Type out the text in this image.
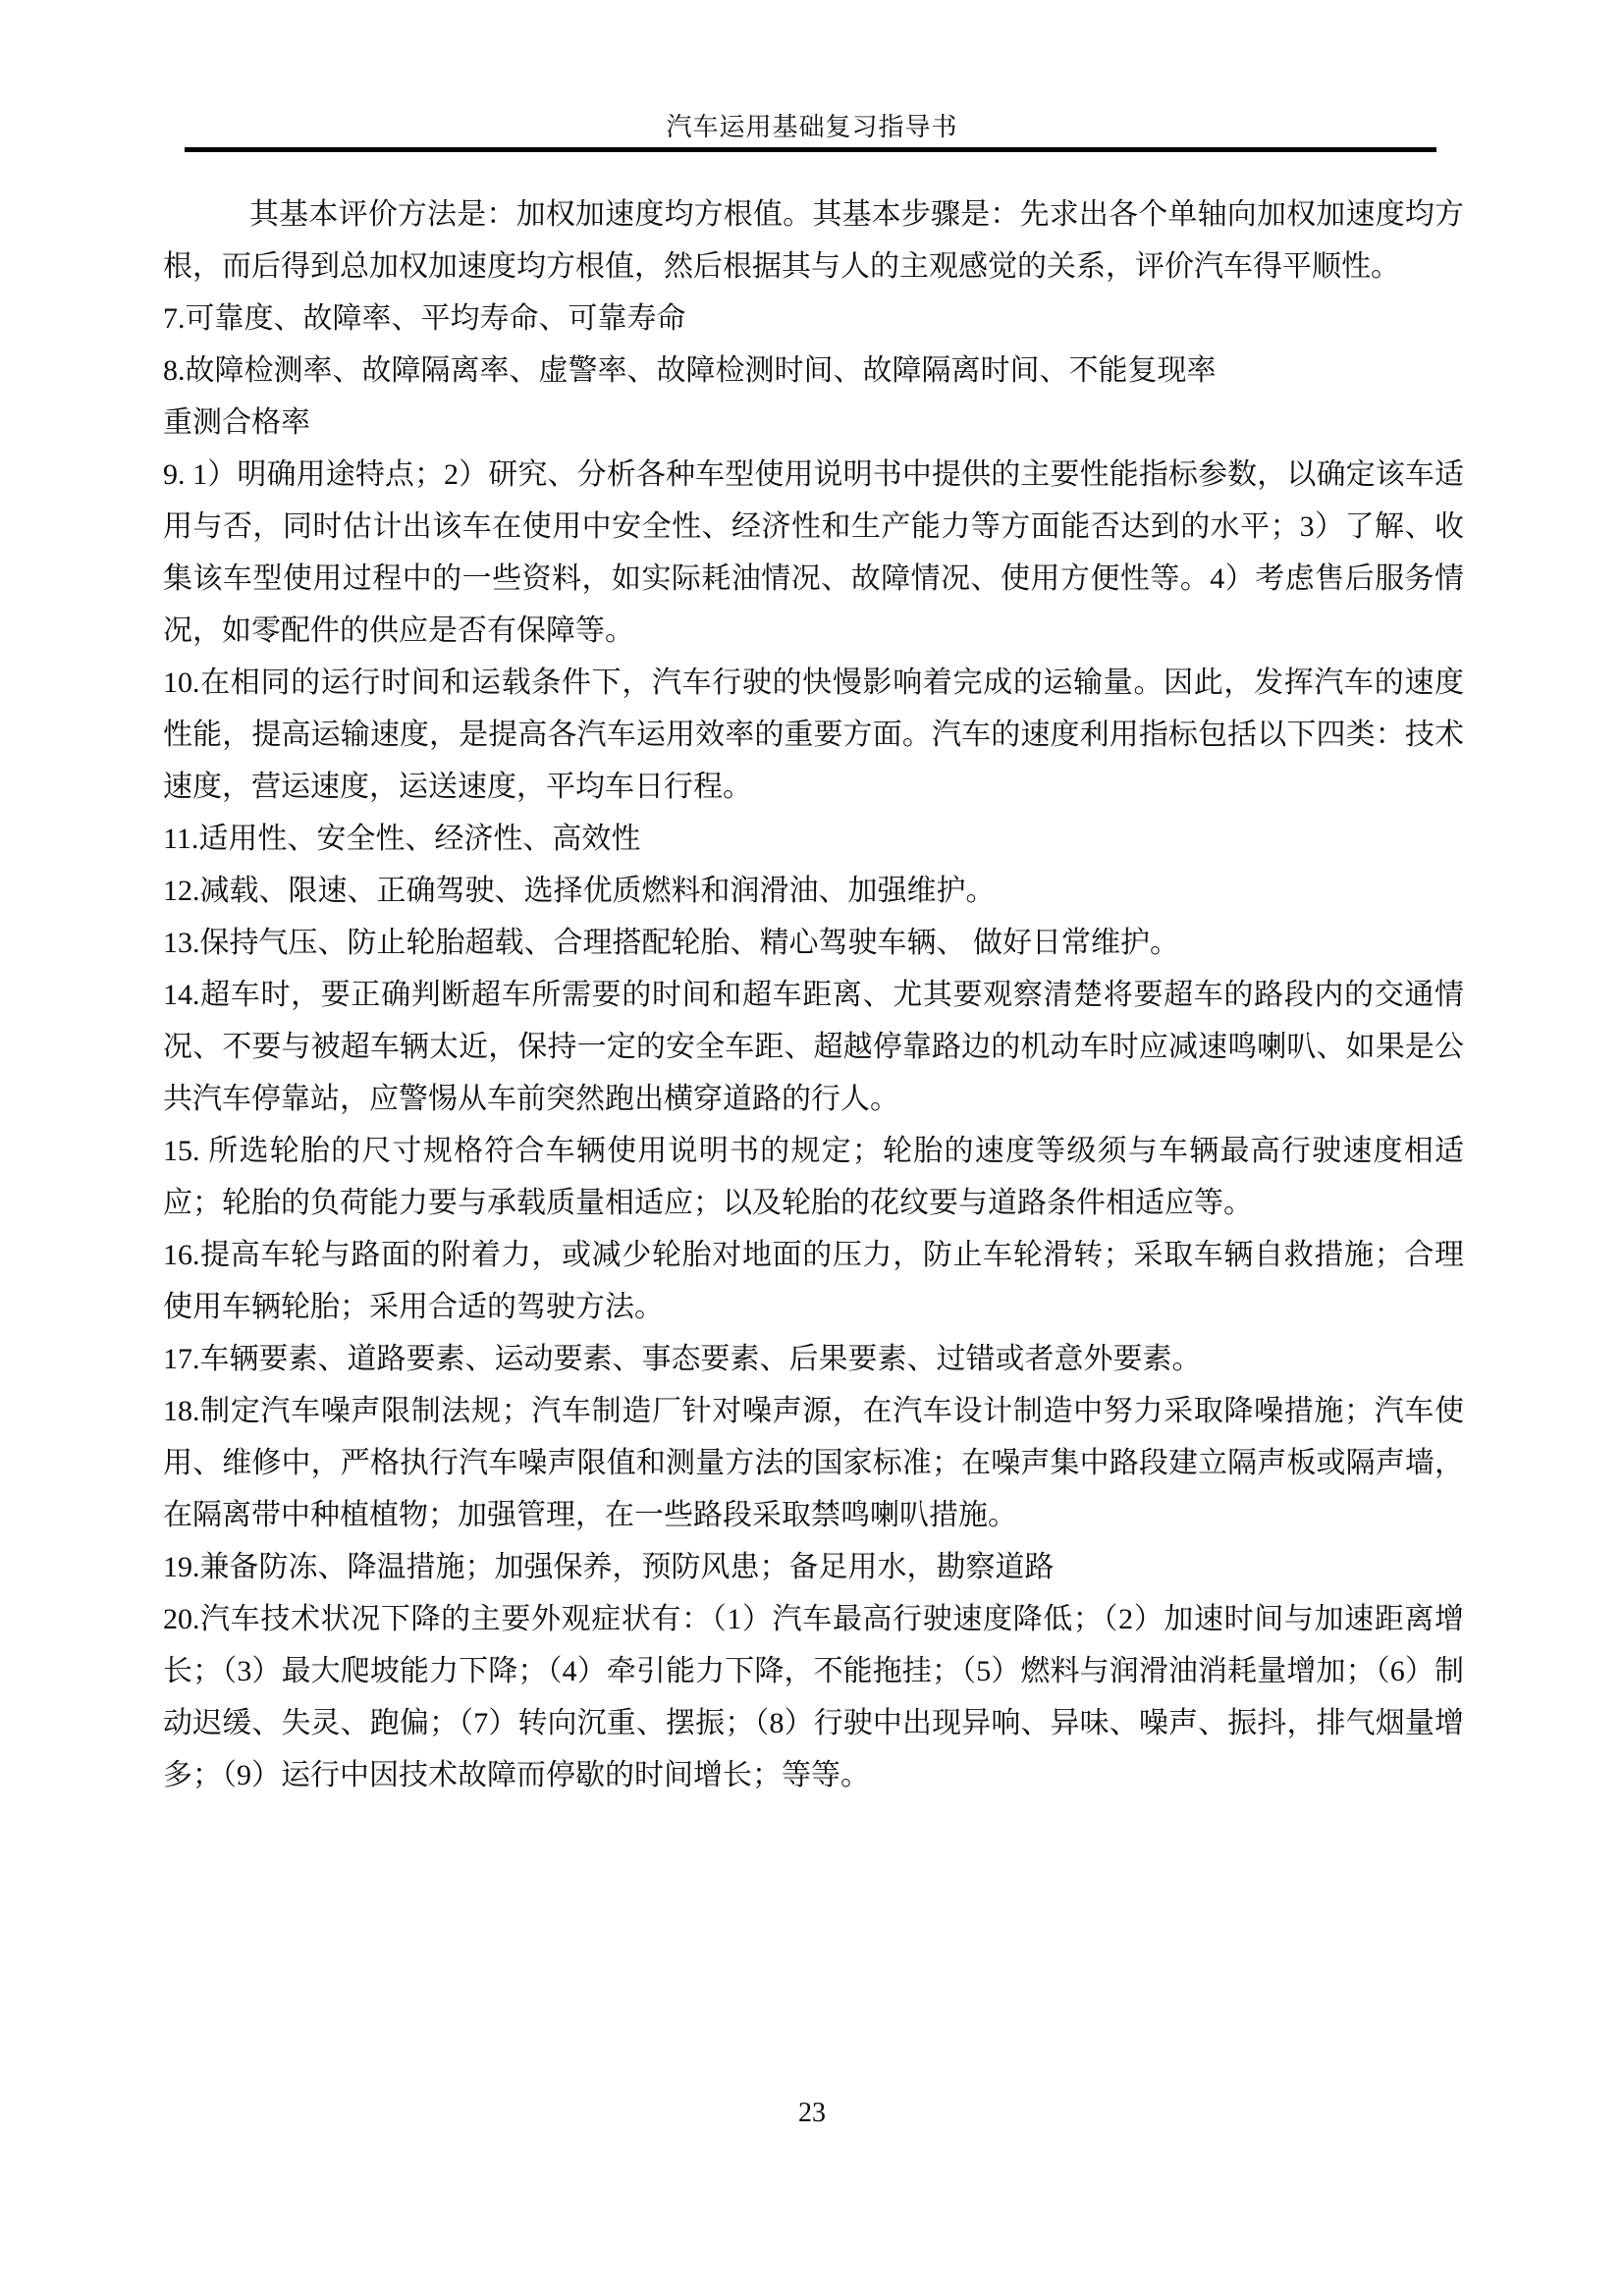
汽车运用基础复习指导书

其基本评价方法是：加权加速度均方根值。其基本步骤是：先求出各个单轴向加权加速度均方根，而后得到总加权加速度均方根值，然后根据其与人的主观感觉的关系，评价汽车得平顺性。

7.可靠度、故障率、平均寿命、可靠寿命

8.故障检测率、故障隔离率、虚警率、故障检测时间、故障隔离时间、不能复现率

重测合格率

9. 1）明确用途特点；2）研究、分析各种车型使用说明书中提供的主要性能指标参数，以确定该车适用与否，同时估计出该车在使用中安全性、经济性和生产能力等方面能否达到的水平；3）了解、收集该车型使用过程中的一些资料，如实际耗油情况、故障情况、使用方便性等。4）考虑售后服务情况，如零配件的供应是否有保障等。

10.在相同的运行时间和运载条件下，汽车行驶的快慢影响着完成的运输量。因此，发挥汽车的速度性能，提高运输速度，是提高各汽车运用效率的重要方面。汽车的速度利用指标包括以下四类：技术速度，营运速度，运送速度，平均车日行程。

11.适用性、安全性、经济性、高效性

12.减载、限速、正确驾驶、选择优质燃料和润滑油、加强维护。

13.保持气压、防止轮胎超载、合理搭配轮胎、精心驾驶车辆、 做好日常维护。

14.超车时，要正确判断超车所需要的时间和超车距离、尤其要观察清楚将要超车的路段内的交通情况、不要与被超车辆太近，保持一定的安全车距、超越停靠路边的机动车时应减速鸣喇叭、如果是公共汽车停靠站，应警惕从车前突然跑出横穿道路的行人。

15. 所选轮胎的尺寸规格符合车辆使用说明书的规定；轮胎的速度等级须与车辆最高行驶速度相适应；轮胎的负荷能力要与承载质量相适应；以及轮胎的花纹要与道路条件相适应等。

16.提高车轮与路面的附着力，或减少轮胎对地面的压力，防止车轮滑转；采取车辆自救措施；合理使用车辆轮胎；采用合适的驾驶方法。

17.车辆要素、道路要素、运动要素、事态要素、后果要素、过错或者意外要素。

18.制定汽车噪声限制法规；汽车制造厂针对噪声源，在汽车设计制造中努力采取降噪措施；汽车使用、维修中，严格执行汽车噪声限值和测量方法的国家标准；在噪声集中路段建立隔声板或隔声墙，在隔离带中种植植物；加强管理，在一些路段采取禁鸣喇叭措施。

19.兼备防冻、降温措施；加强保养，预防风患；备足用水，勘察道路

20.汽车技术状况下降的主要外观症状有：（1）汽车最高行驶速度降低；（2）加速时间与加速距离增长；（3）最大爬坡能力下降；（4）牵引能力下降，不能拖挂；（5）燃料与润滑油消耗量增加；（6）制动迟缓、失灵、跑偏；（7）转向沉重、摆振；（8）行驶中出现异响、异味、噪声、振抖，排气烟量增多；（9）运行中因技术故障而停歇的时间增长；等等。

23
